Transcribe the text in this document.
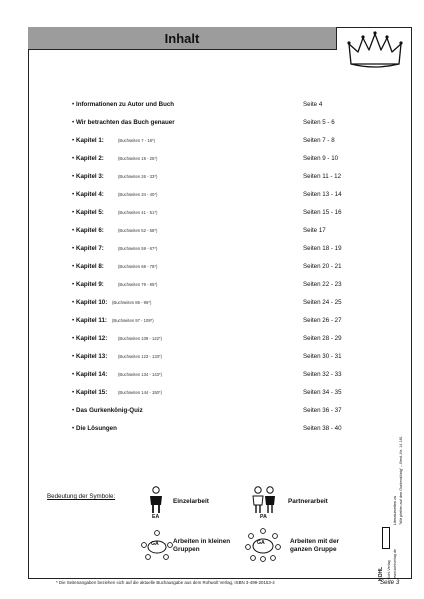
Inhalt
• Informationen zu Autor und Buch	Seite 4
• Wir betrachten das Buch genauer	Seiten 5 - 6
• Kapitel 1:	(Buchseiten 7 - 18*)	Seiten 7 - 8
• Kapitel 2:	(Buchseiten 19 - 25*)	Seiten 9 - 10
• Kapitel 3:	(Buchseiten 26 - 33*)	Seiten 11 - 12
• Kapitel 4:	(Buchseiten 34 - 40*)	Seiten 13 - 14
• Kapitel 5:	(Buchseiten 41 - 51*)	Seiten 15 - 16
• Kapitel 6:	(Buchseiten 52 - 58*)	Seite 17
• Kapitel 7:	(Buchseiten 59 - 67*)	Seiten 18 - 19
• Kapitel 8:	(Buchseiten 68 - 78*)	Seiten 20 - 21
• Kapitel 9:	(Buchseiten 79 - 85*)	Seiten 22 - 23
• Kapitel 10: (Buchseiten 86 - 96*)	Seiten 24 - 25
• Kapitel 11: (Buchseiten 97 - 108*)	Seiten 26 - 27
• Kapitel 12:	(Buchseiten 109 - 122*)	Seiten 28 - 29
• Kapitel 13:	(Buchseiten 123 - 133*)	Seiten 30 - 31
• Kapitel 14:	(Buchseiten 134 - 143*)	Seiten 32 - 33
• Kapitel 15:	(Buchseiten 144 - 150*)	Seiten 34 - 35
• Das Gurkenkönig-Quiz	Seiten 36 - 37
• Die Lösungen	Seiten 38 - 40
Literaturseiten zu "Wir pfeifen auf den Gurkenkönig" – Best.-Nr. 14 181
KOHL Kohl-Verlag www.kohlverlag.de
Bedeutung der Symbole:
EA
Einzelarbeit
PA
Partnerarbeit
GA Arbeiten in kleinen Gruppen
GA	Arbeiten mit der ganzen Gruppe
* Die Seitenangaben beziehen sich auf die aktuelle Buchausgabe aus dem Rohwolt Verlag, ISBN 3-499-20153-4	Seite 3
